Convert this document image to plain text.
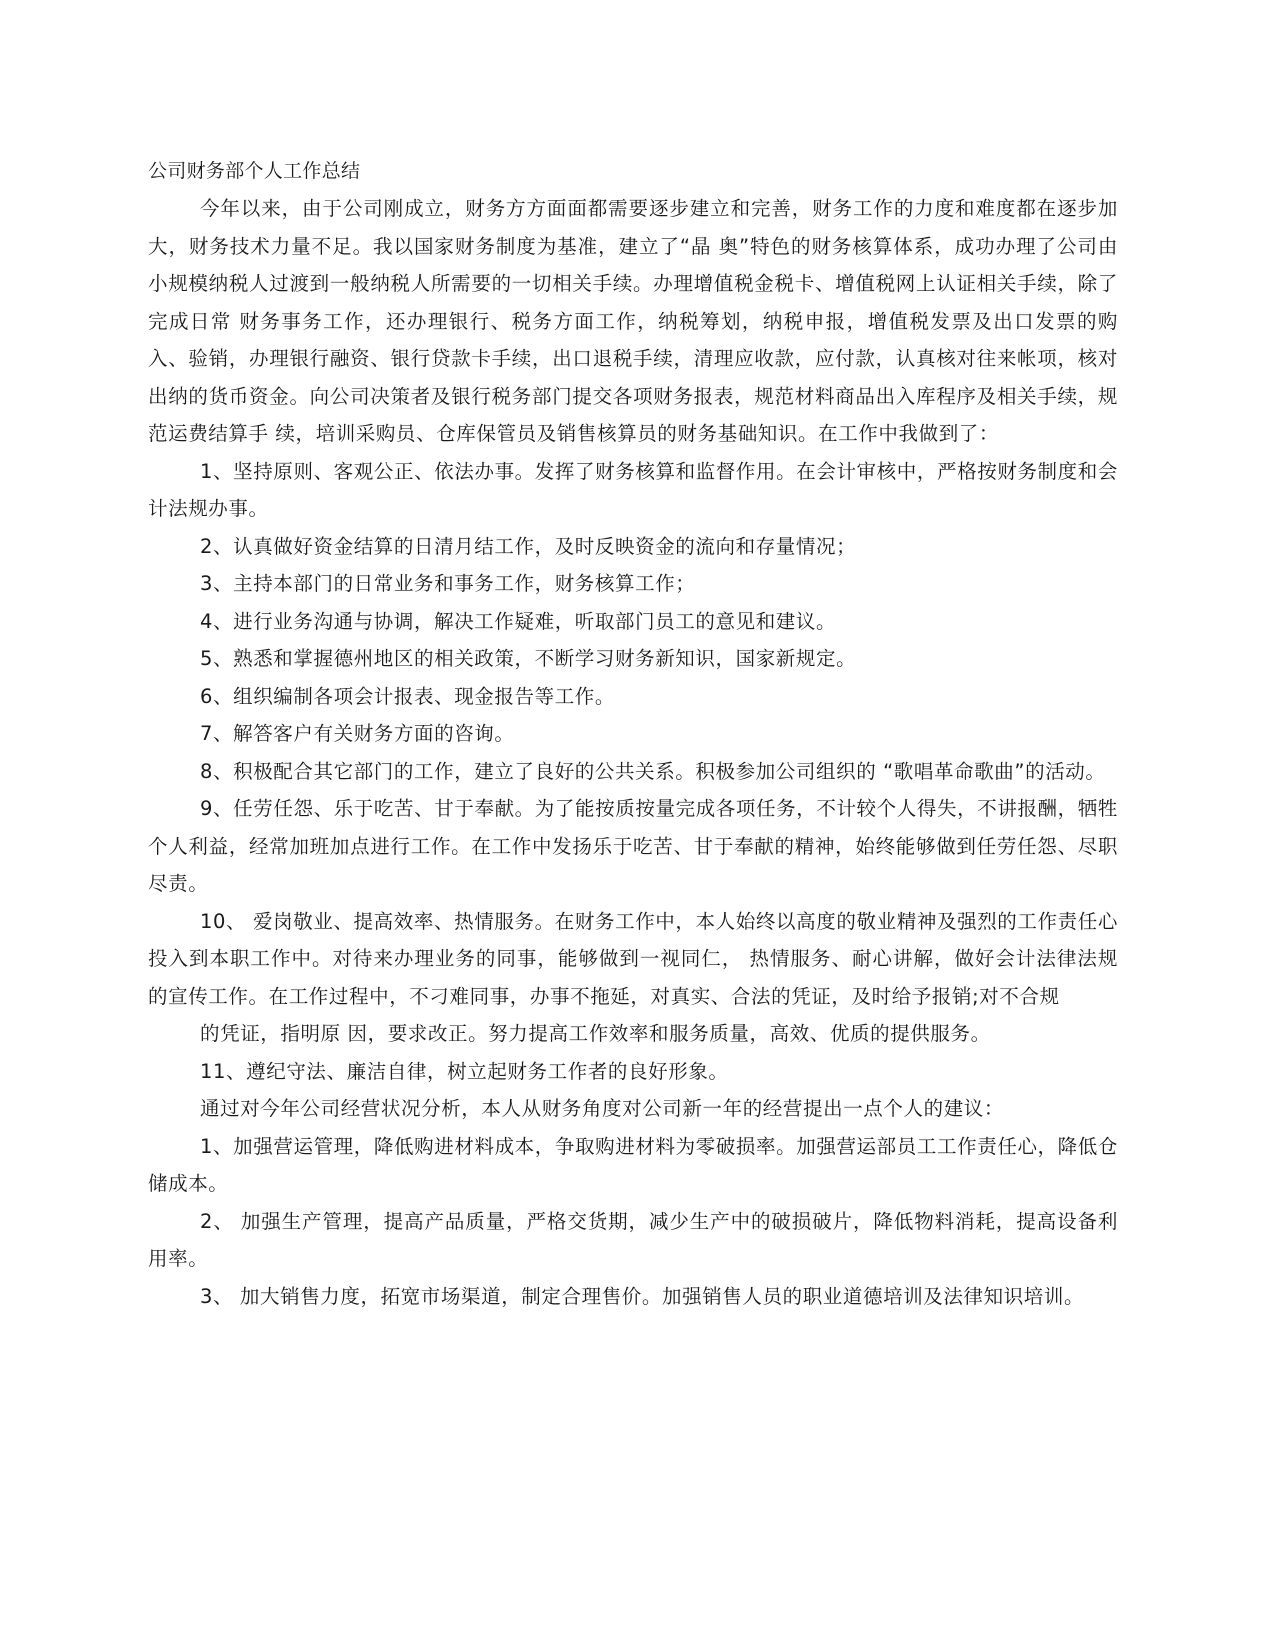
公司财务部个人工作总结

今年以来，由于公司刚成立，财务方方面面都需要逐步建立和完善，财务工作的力度和难度都在逐步加大，财务技术力量不足。我以国家财务制度为基准，建立了“晶 奥”特色的财务核算体系，成功办理了公司由小规模纳税人过渡到一般纳税人所需要的一切相关手续。办理增值税金税卡、增值税网上认证相关手续，除了完成日常 财务事务工作，还办理银行、税务方面工作，纳税筹划，纳税申报，增值税发票及出口发票的购入、验销，办理银行融资、银行贷款卡手续，出口退税手续，清理应收款，应付款，认真核对往来帐项，核对出纳的货币资金。向公司决策者及银行税务部门提交各项财务报表，规范材料商品出入库程序及相关手续，规范运费结算手 续，培训采购员、仓库保管员及销售核算员的财务基础知识。在工作中我做到了：

1、坚持原则、客观公正、依法办事。发挥了财务核算和监督作用。在会计审核中，严格按财务制度和会计法规办事。

2、认真做好资金结算的日清月结工作，及时反映资金的流向和存量情况；

3、主持本部门的日常业务和事务工作，财务核算工作；

4、进行业务沟通与协调，解决工作疑难，听取部门员工的意见和建议。

5、熟悉和掌握德州地区的相关政策，不断学习财务新知识，国家新规定。

6、组织编制各项会计报表、现金报告等工作。

7、解答客户有关财务方面的咨询。

8、积极配合其它部门的工作，建立了良好的公共关系。积极参加公司组织的 “歌唱革命歌曲”的活动。

9、任劳任怨、乐于吃苦、甘于奉献。为了能按质按量完成各项任务，不计较个人得失，不讲报酬，牺牲个人利益，经常加班加点进行工作。在工作中发扬乐于吃苦、甘于奉献的精神，始终能够做到任劳任怨、尽职尽责。

10、 爱岗敬业、提高效率、热情服务。在财务工作中，本人始终以高度的敬业精神及强烈的工作责任心投入到本职工作中。对待来办理业务的同事，能够做到一视同仁， 热情服务、耐心讲解，做好会计法律法规的宣传工作。在工作过程中，不刁难同事，办事不拖延，对真实、合法的凭证，及时给予报销;对不合规

的凭证，指明原 因，要求改正。努力提高工作效率和服务质量，高效、优质的提供服务。

11、遵纪守法、廉洁自律，树立起财务工作者的良好形象。

通过对今年公司经营状况分析，本人从财务角度对公司新一年的经营提出一点个人的建议：

1、加强营运管理，降低购进材料成本，争取购进材料为零破损率。加强营运部员工工作责任心，降低仓储成本。

2、 加强生产管理，提高产品质量，严格交货期，减少生产中的破损破片，降低物料消耗，提高设备利用率。

3、 加大销售力度，拓宽市场渠道，制定合理售价。加强销售人员的职业道德培训及法律知识培训。
